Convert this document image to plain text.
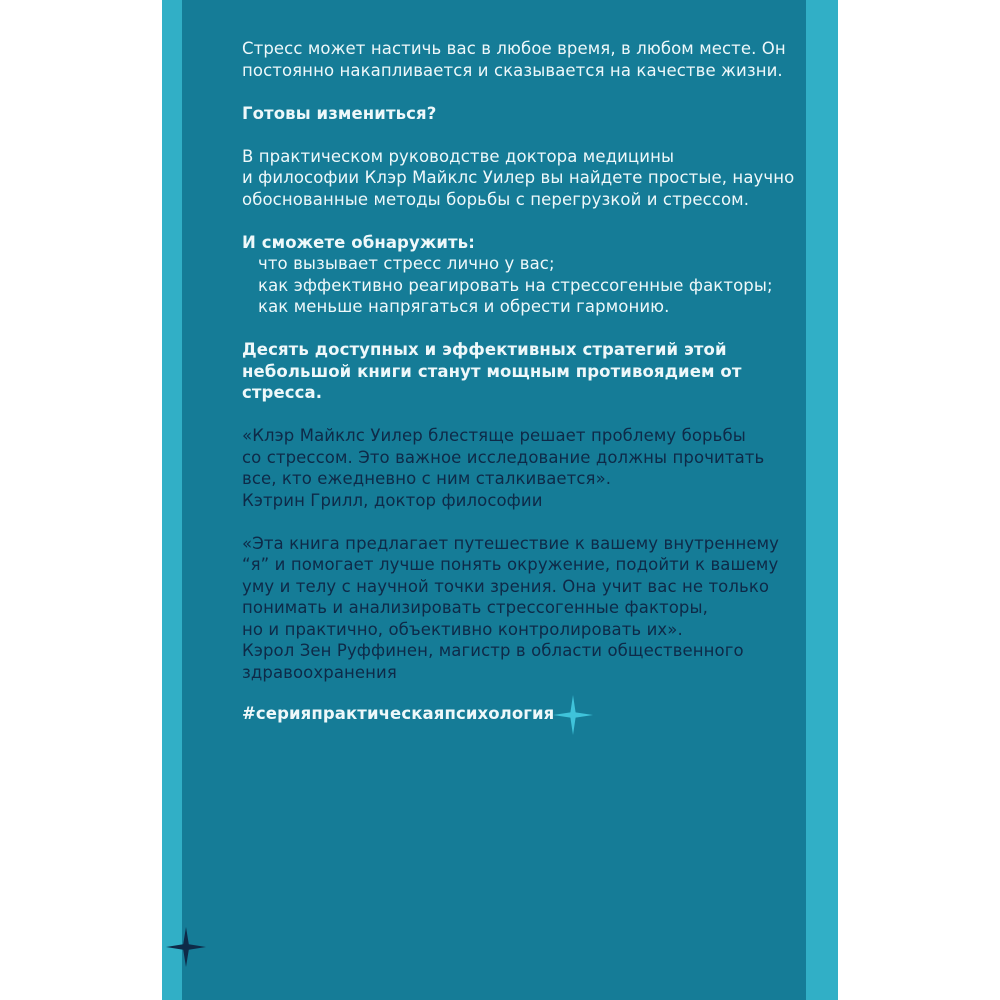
Стресс может настичь вас в любое время, в любом месте. Он
постоянно накапливается и сказывается на качестве жизни.

Готовы измениться?

В практическом руководстве доктора медицины
и философии Клэр Майклс Уилер вы найдете простые, научно
обоснованные методы борьбы с перегрузкой и стрессом.

И сможете обнаружить:

что вызывает стресс лично у вас;
как эффективно реагировать на стрессогенные факторы;
как меньше напрягаться и обрести гармонию.

Десять доступных и эффективных стратегий этой
небольшой книги станут мощным противоядием от стресса.

«Клэр Майклс Уилер блестяще решает проблему борьбы
со стрессом. Это важное исследование должны прочитать
все, кто ежедневно с ним сталкивается».
Кэтрин Грилл, доктор философии

«Эта книга предлагает путешествие к вашему внутреннему
“я” и помогает лучше понять окружение, подойти к вашему
уму и телу с научной точки зрения. Она учит вас не только
понимать и анализировать стрессогенные факторы,
но и практично, объективно контролировать их».
Кэрол Зен Руффинен, магистр в области общественного
здравоохранения

#серияпрактическаяпсихология
